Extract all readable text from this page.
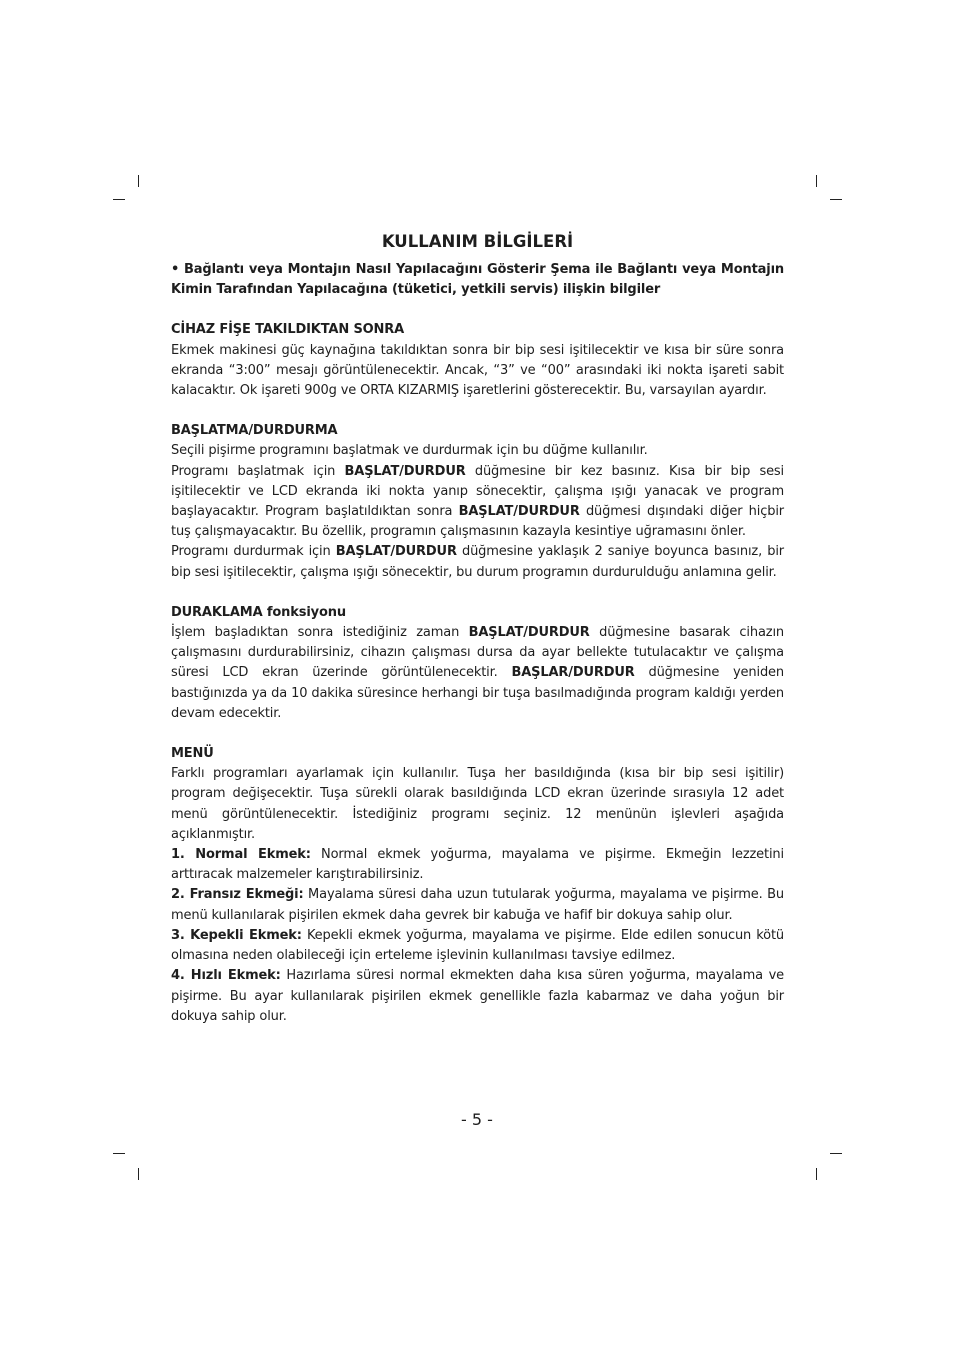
KULLANIM BİLGİLERİ

• Bağlantı veya Montajın Nasıl Yapılacağını Gösterir Şema ile Bağlantı veya Montajın Kimin Tarafından Yapılacağına (tüketici, yetkili servis) ilişkin bilgiler

CİHAZ FİŞE TAKILDIKTAN SONRA

Ekmek makinesi güç kaynağına takıldıktan sonra bir bip sesi işitilecektir ve kısa bir süre sonra ekranda “3:00” mesajı görüntülenecektir. Ancak, “3” ve “00” arasındaki iki nokta işareti sabit kalacaktır. Ok işareti 900g ve ORTA KIZARMIŞ işaretlerini gösterecektir. Bu, varsayılan ayardır.

BAŞLATMA/DURDURMA

Seçili pişirme programını başlatmak ve durdurmak için bu düğme kullanılır.

Programı başlatmak için BAŞLAT/DURDUR düğmesine bir kez basınız. Kısa bir bip sesi işitilecektir ve LCD ekranda iki nokta yanıp sönecektir, çalışma ışığı yanacak ve program başlayacaktır. Program başlatıldıktan sonra BAŞLAT/DURDUR düğmesi dışındaki diğer hiçbir tuş çalışmayacaktır. Bu özellik, programın çalışmasının kazayla kesintiye uğramasını önler.

Programı durdurmak için BAŞLAT/DURDUR düğmesine yaklaşık 2 saniye boyunca basınız, bir bip sesi işitilecektir, çalışma ışığı sönecektir, bu durum programın durdurulduğu anlamına gelir.

DURAKLAMA fonksiyonu

İşlem başladıktan sonra istediğiniz zaman BAŞLAT/DURDUR düğmesine basarak cihazın çalışmasını durdurabilirsiniz, cihazın çalışması dursa da ayar bellekte tutulacaktır ve çalışma süresi LCD ekran üzerinde görüntülenecektir. BAŞLAR/DURDUR düğmesine yeniden bastığınızda ya da 10 dakika süresince herhangi bir tuşa basılmadığında program kaldığı yerden devam edecektir.

MENÜ

Farklı programları ayarlamak için kullanılır. Tuşa her basıldığında (kısa bir bip sesi işitilir) program değişecektir. Tuşa sürekli olarak basıldığında LCD ekran üzerinde sırasıyla 12 adet menü görüntülenecektir. İstediğiniz programı seçiniz. 12 menünün işlevleri aşağıda açıklanmıştır.

1. Normal Ekmek: Normal ekmek yoğurma, mayalama ve pişirme. Ekmeğin lezzetini arttıracak malzemeler karıştırabilirsiniz.

2. Fransız Ekmeği: Mayalama süresi daha uzun tutularak yoğurma, mayalama ve pişirme. Bu menü kullanılarak pişirilen ekmek daha gevrek bir kabuğa ve hafif bir dokuya sahip olur.

3. Kepekli Ekmek: Kepekli ekmek yoğurma, mayalama ve pişirme. Elde edilen sonucun kötü olmasına neden olabileceği için erteleme işlevinin kullanılması tavsiye edilmez.

4. Hızlı Ekmek: Hazırlama süresi normal ekmekten daha kısa süren yoğurma, mayalama ve pişirme. Bu ayar kullanılarak pişirilen ekmek genellikle fazla kabarmaz ve daha yoğun bir dokuya sahip olur.

- 5 -
